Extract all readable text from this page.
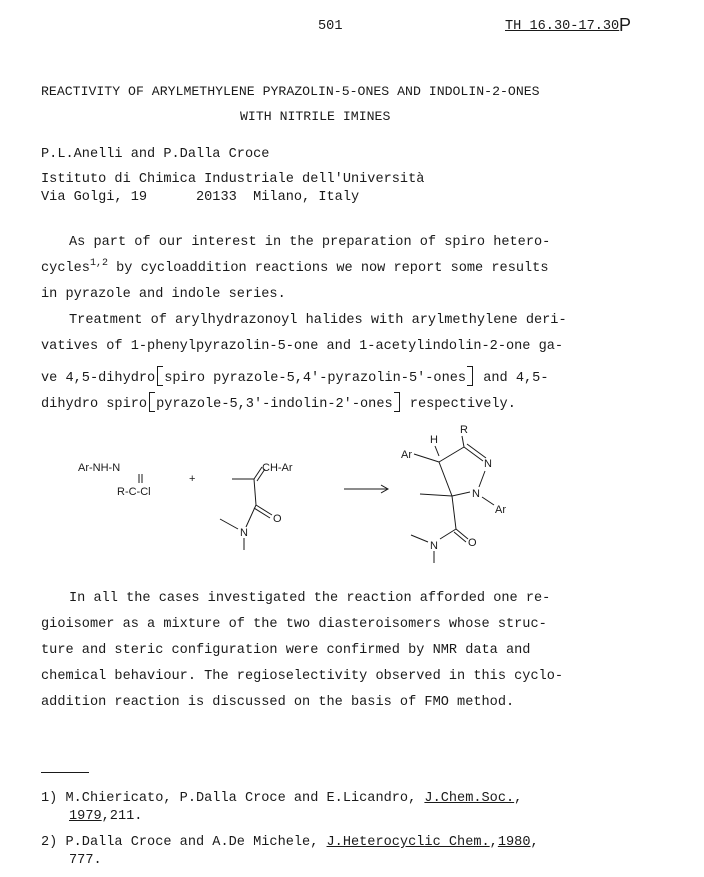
501	TH 16.30-17.30 P
REACTIVITY OF ARYLMETHYLENE PYRAZOLIN-5-ONES AND INDOLIN-2-ONES
WITH NITRILE IMINES
P.L.Anelli and P.Dalla Croce
Istituto di Chimica Industriale dell'Università
Via Golgi, 19      20133  Milano, Italy
As part of our interest in the preparation of spiro hetero-
cycles$^{1,2}$ by cycloaddition reactions we now report some results
in pyrazole and indole series.
Treatment of arylhydrazonoyl halides with arylmethylene deri-
vatives of 1-phenylpyrazolin-5-one and 1-acetylindolin-2-one ga-
ve 4,5-dihydro spiro pyrazole-5,4'-pyrazolin-5'-ones and 4,5-
dihydro spiro pyrazole-5,3'-indolin-2'-ones respectively.
Ar-NH-N
R-C-Cl
+
CH-Ar
O
N
H
R
Ar
N
N
Ar
O
N
In all the cases investigated the reaction afforded one re-
gioisomer as a mixture of the two diasteroisomers whose struc-
ture and steric configuration were confirmed by NMR data and
chemical behaviour. The regioselectivity observed in this cyclo-
addition reaction is discussed on the basis of FMO method.
1) M.Chiericato, P.Dalla Croce and E.Licandro, J.Chem.Soc.,
1979,211.
2) P.Dalla Croce and A.De Michele, J.Heterocyclic Chem.,1980,
777.
